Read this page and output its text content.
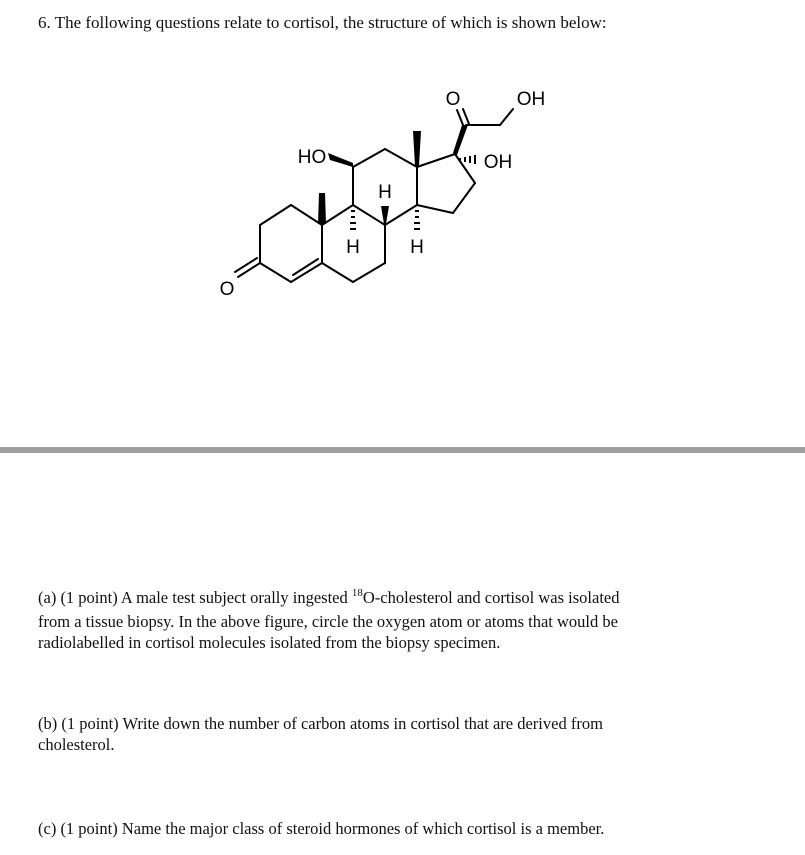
6. The following questions relate to cortisol, the structure of which is shown below:
O
HO
O	OH
OH
H
H
H

(a) (1 point) A male test subject orally ingested $^{18}$O-cholesterol and cortisol was isolated

from a tissue biopsy. In the above figure, circle the oxygen atom or atoms that would be

radiolabelled in cortisol molecules isolated from the biopsy specimen.

(b) (1 point) Write down the number of carbon atoms in cortisol that are derived from

cholesterol.

(c) (1 point) Name the major class of steroid hormones of which cortisol is a member.
